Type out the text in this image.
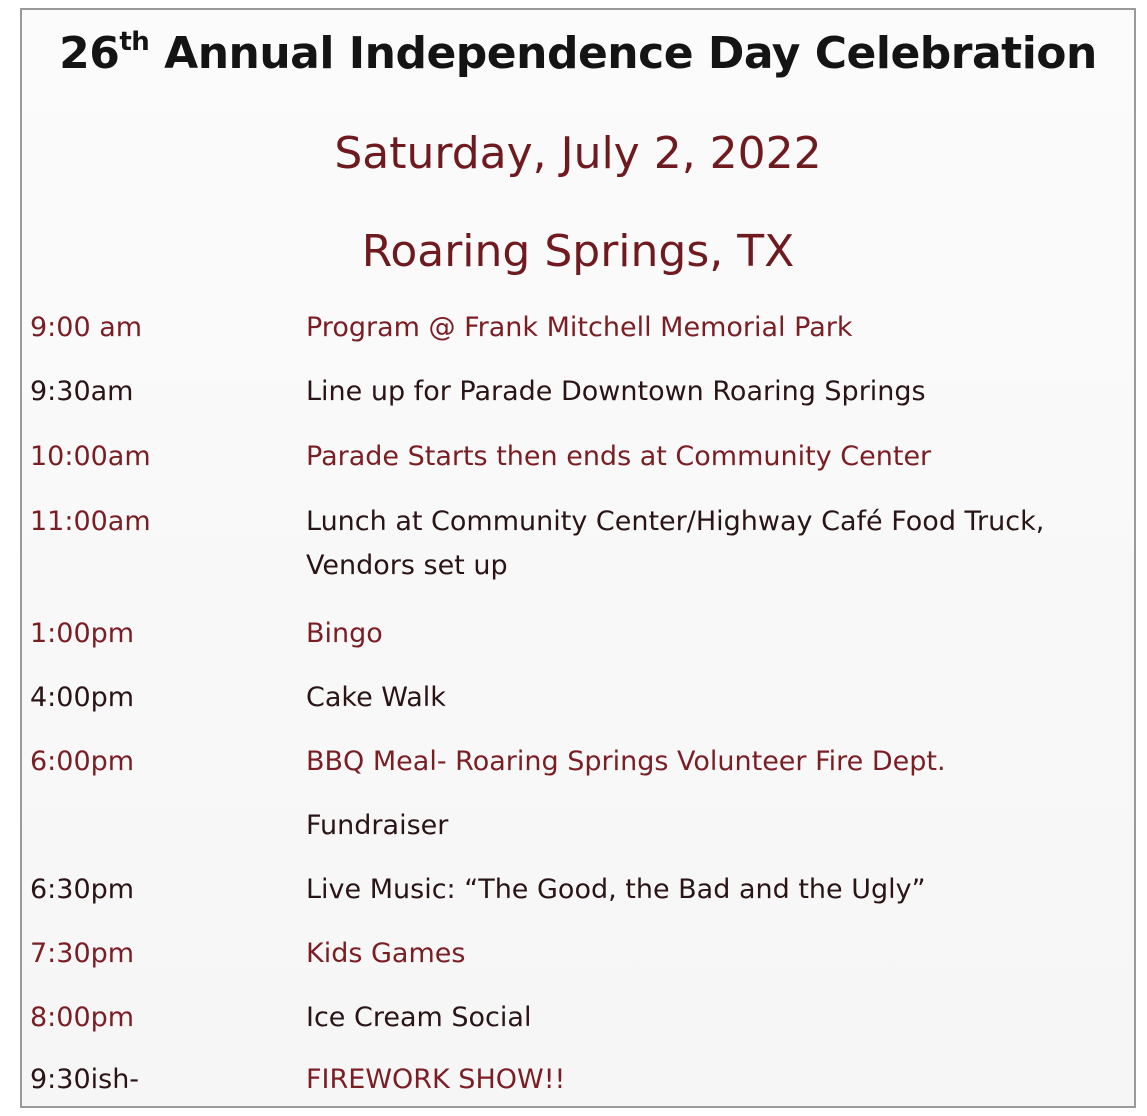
26th Annual Independence Day Celebration
Saturday, July 2, 2022
Roaring Springs, TX
9:00 am	Program @ Frank Mitchell Memorial Park
9:30am	Line up for Parade Downtown Roaring Springs
10:00am	Parade Starts then ends at Community Center
11:00am	Lunch at Community Center/Highway Café Food Truck,
Vendors set up
1:00pm	Bingo
4:00pm	Cake Walk
6:00pm	BBQ Meal- Roaring Springs Volunteer Fire Dept.
Fundraiser
6:30pm	Live Music: “The Good, the Bad and the Ugly”
7:30pm	Kids Games
8:00pm	Ice Cream Social
9:30ish-	FIREWORK SHOW!!
